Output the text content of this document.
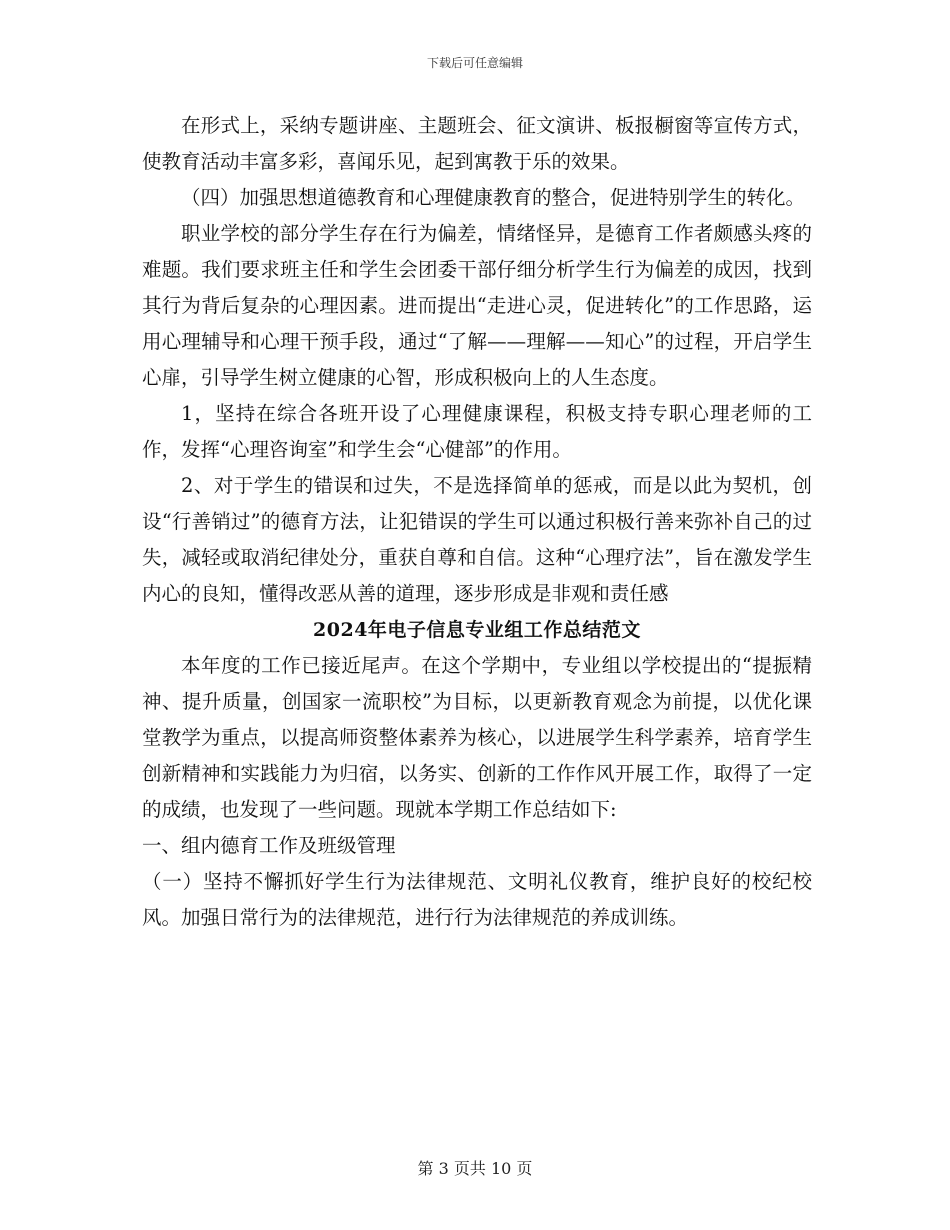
下载后可任意编辑

在形式上，采纳专题讲座、主题班会、征文演讲、板报橱窗等宣传方式，使教育活动丰富多彩，喜闻乐见，起到寓教于乐的效果。

（四）加强思想道德教育和心理健康教育的整合，促进特别学生的转化。

职业学校的部分学生存在行为偏差，情绪怪异，是德育工作者颇感头疼的难题。我们要求班主任和学生会团委干部仔细分析学生行为偏差的成因，找到其行为背后复杂的心理因素。进而提出“走进心灵，促进转化”的工作思路，运用心理辅导和心理干预手段，通过“了解——理解——知心”的过程，开启学生心扉，引导学生树立健康的心智，形成积极向上的人生态度。

1，坚持在综合各班开设了心理健康课程，积极支持专职心理老师的工作，发挥“心理咨询室”和学生会“心健部”的作用。

2、对于学生的错误和过失，不是选择简单的惩戒，而是以此为契机，创设“行善销过”的德育方法，让犯错误的学生可以通过积极行善来弥补自己的过失，减轻或取消纪律处分，重获自尊和自信。这种“心理疗法”，旨在激发学生内心的良知，懂得改恶从善的道理，逐步形成是非观和责任感

2024年电子信息专业组工作总结范文

本年度的工作已接近尾声。在这个学期中，专业组以学校提出的“提振精神、提升质量，创国家一流职校”为目标，以更新教育观念为前提，以优化课堂教学为重点，以提高师资整体素养为核心，以进展学生科学素养，培育学生创新精神和实践能力为归宿，以务实、创新的工作作风开展工作，取得了一定的成绩，也发现了一些问题。现就本学期工作总结如下:

一、组内德育工作及班级管理

（一）坚持不懈抓好学生行为法律规范、文明礼仪教育，维护良好的校纪校风。加强日常行为的法律规范，进行行为法律规范的养成训练。

第 3 页共 10 页
